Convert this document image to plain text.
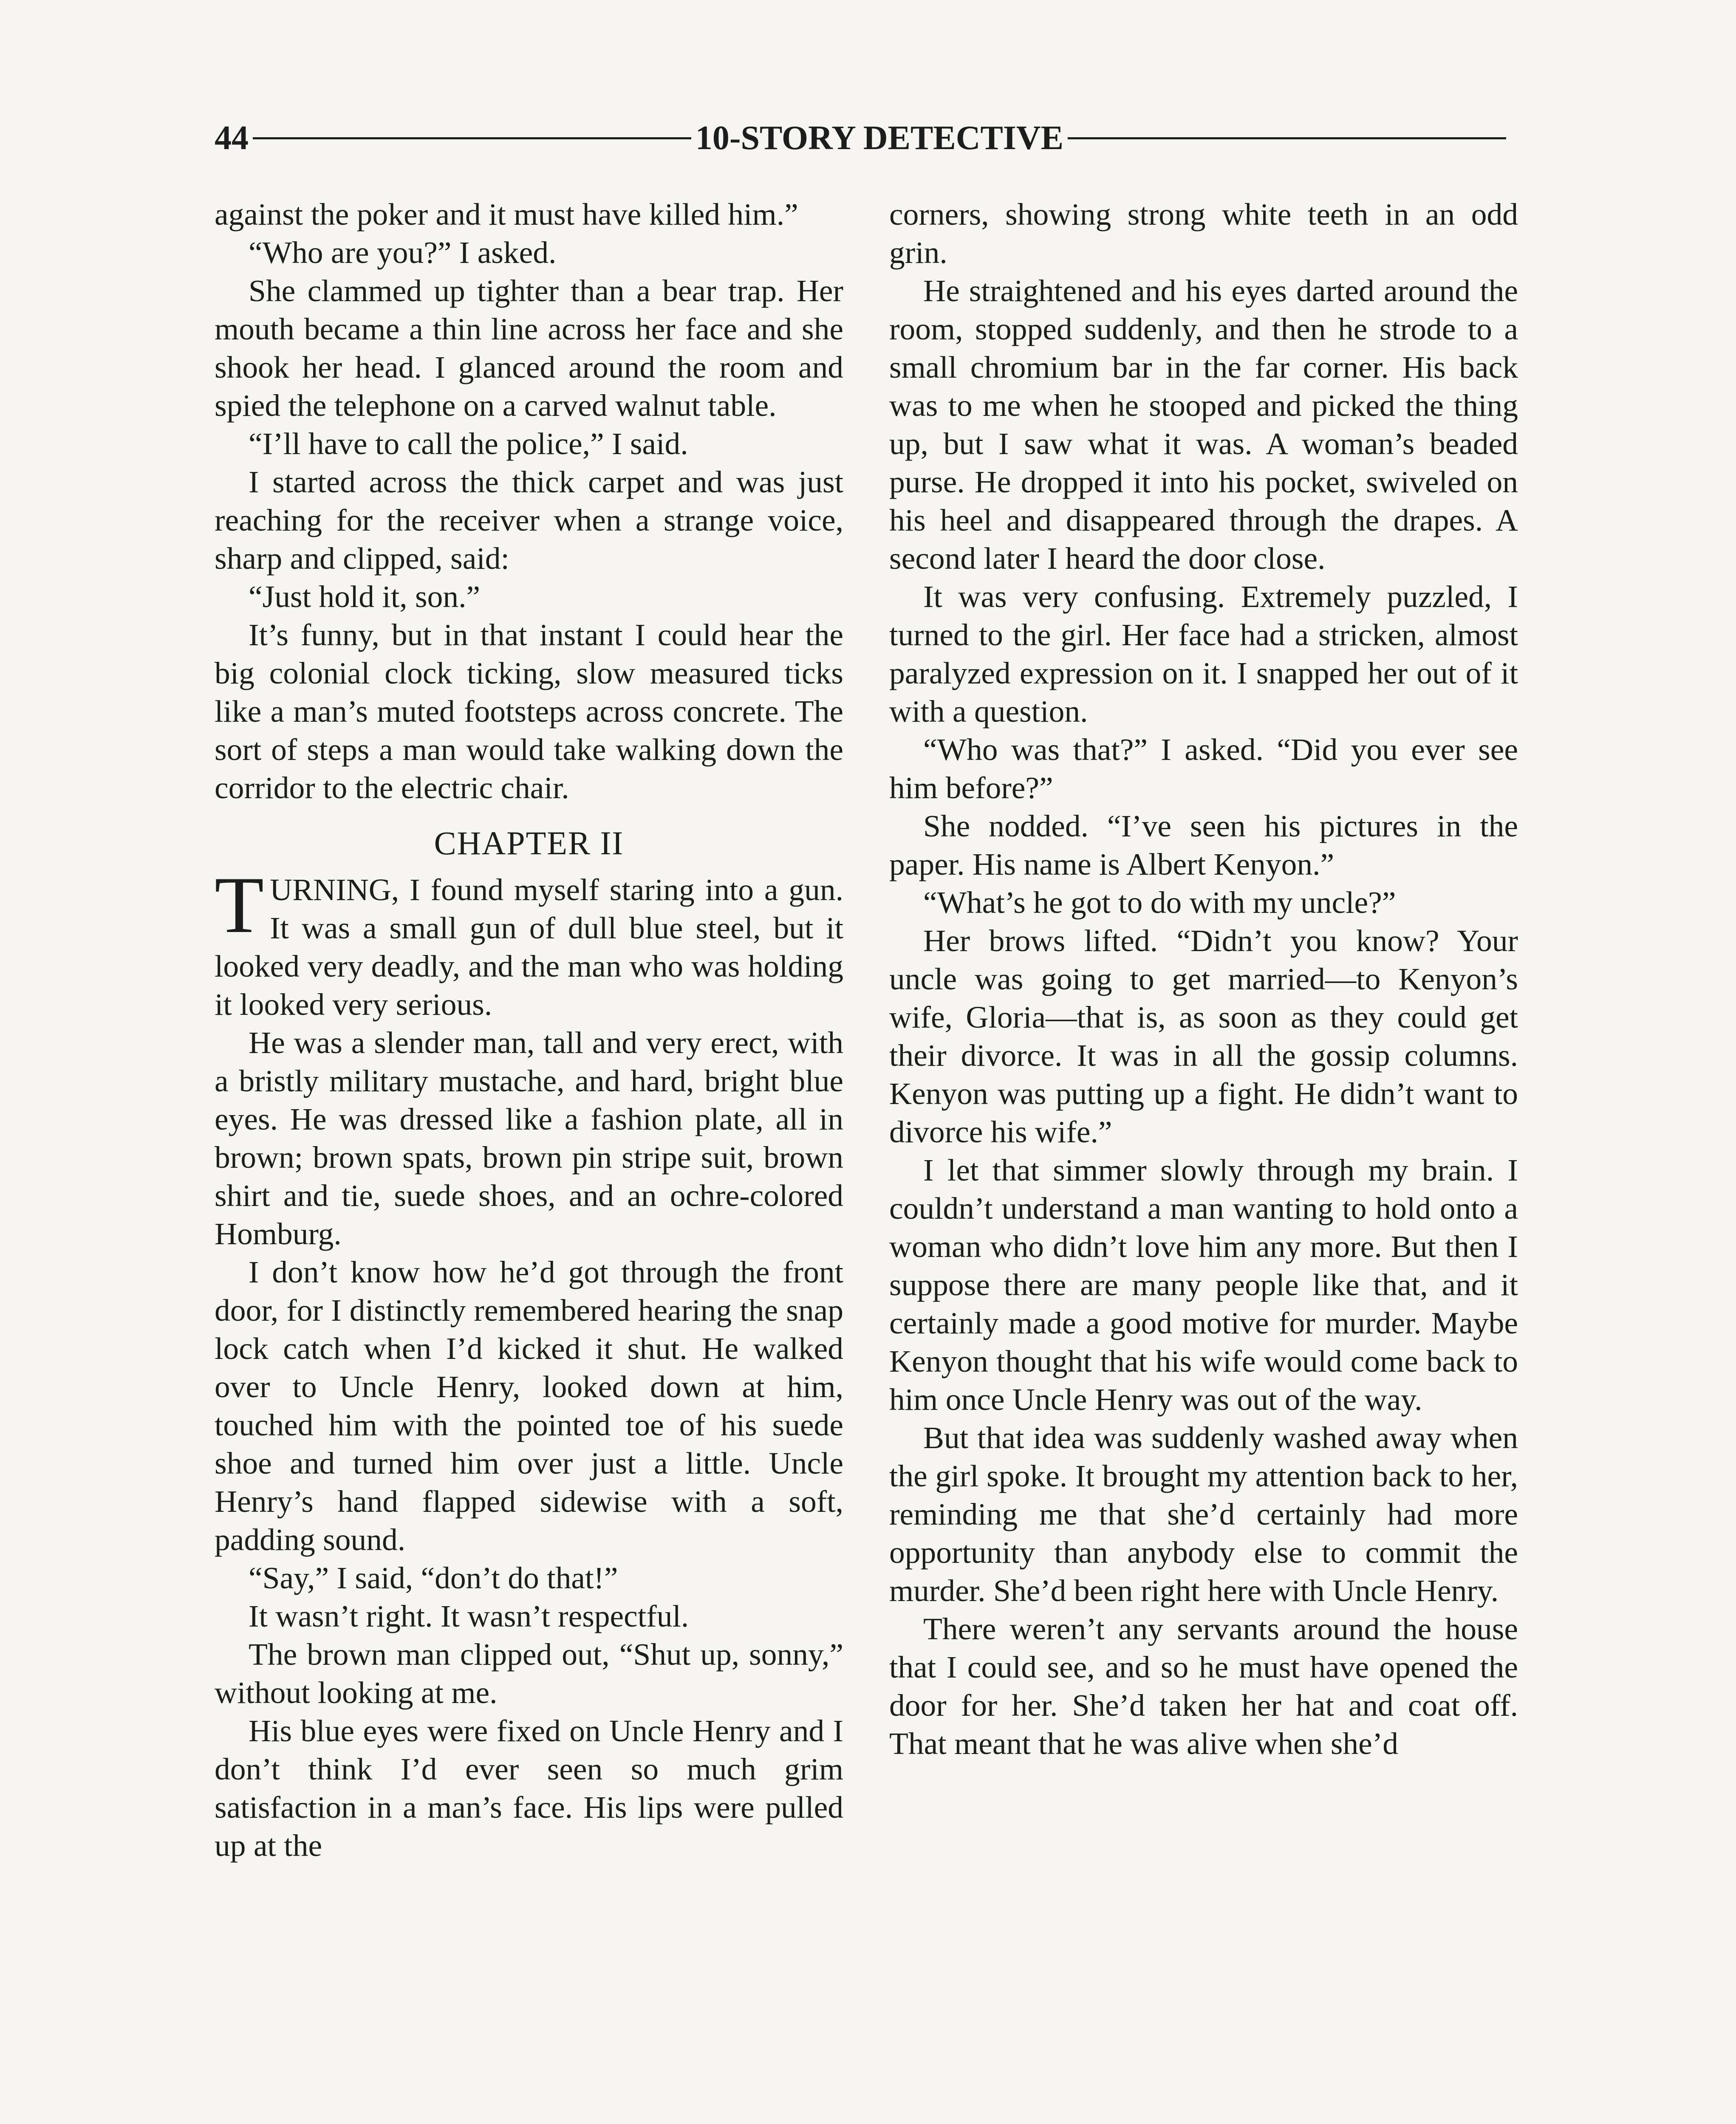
44	10-STORY DETECTIVE

against the poker and it must have killed him.”

“Who are you?” I asked.

She clammed up tighter than a bear trap. Her mouth became a thin line across her face and she shook her head. I glanced around the room and spied the telephone on a carved walnut table.

“I’ll have to call the police,” I said.

I started across the thick carpet and was just reaching for the receiver when a strange voice, sharp and clipped, said:

“Just hold it, son.”

It’s funny, but in that instant I could hear the big colonial clock ticking, slow measured ticks like a man’s muted footsteps across concrete. The sort of steps a man would take walking down the corridor to the electric chair.

CHAPTER II

TURNING, I found myself staring into a gun. It was a small gun of dull blue steel, but it looked very deadly, and the man who was holding it looked very serious.

He was a slender man, tall and very erect, with a bristly military mustache, and hard, bright blue eyes. He was dressed like a fashion plate, all in brown; brown spats, brown pin stripe suit, brown shirt and tie, suede shoes, and an ochre-colored Homburg.

I don’t know how he’d got through the front door, for I distinctly remembered hearing the snap lock catch when I’d kicked it shut. He walked over to Uncle Henry, looked down at him, touched him with the pointed toe of his suede shoe and turned him over just a little. Uncle Henry’s hand flapped sidewise with a soft, padding sound.

“Say,” I said, “don’t do that!”

It wasn’t right. It wasn’t respectful.

The brown man clipped out, “Shut up, sonny,” without looking at me.

His blue eyes were fixed on Uncle Henry and I don’t think I’d ever seen so much grim satisfaction in a man’s face. His lips were pulled up at the

corners, showing strong white teeth in an odd grin.

He straightened and his eyes darted around the room, stopped suddenly, and then he strode to a small chromium bar in the far corner. His back was to me when he stooped and picked the thing up, but I saw what it was. A woman’s beaded purse. He dropped it into his pocket, swiveled on his heel and disappeared through the drapes. A second later I heard the door close.

It was very confusing. Extremely puzzled, I turned to the girl. Her face had a stricken, almost paralyzed expression on it. I snapped her out of it with a question.

“Who was that?” I asked. “Did you ever see him before?”

She nodded. “I’ve seen his pictures in the paper. His name is Albert Kenyon.”

“What’s he got to do with my uncle?”

Her brows lifted. “Didn’t you know? Your uncle was going to get married—to Kenyon’s wife, Gloria—that is, as soon as they could get their divorce. It was in all the gossip columns. Kenyon was putting up a fight. He didn’t want to divorce his wife.”

I let that simmer slowly through my brain. I couldn’t understand a man wanting to hold onto a woman who didn’t love him any more. But then I suppose there are many people like that, and it certainly made a good motive for murder. Maybe Kenyon thought that his wife would come back to him once Uncle Henry was out of the way.

But that idea was suddenly washed away when the girl spoke. It brought my attention back to her, reminding me that she’d certainly had more opportunity than anybody else to commit the murder. She’d been right here with Uncle Henry.

There weren’t any servants around the house that I could see, and so he must have opened the door for her. She’d taken her hat and coat off. That meant that he was alive when she’d
